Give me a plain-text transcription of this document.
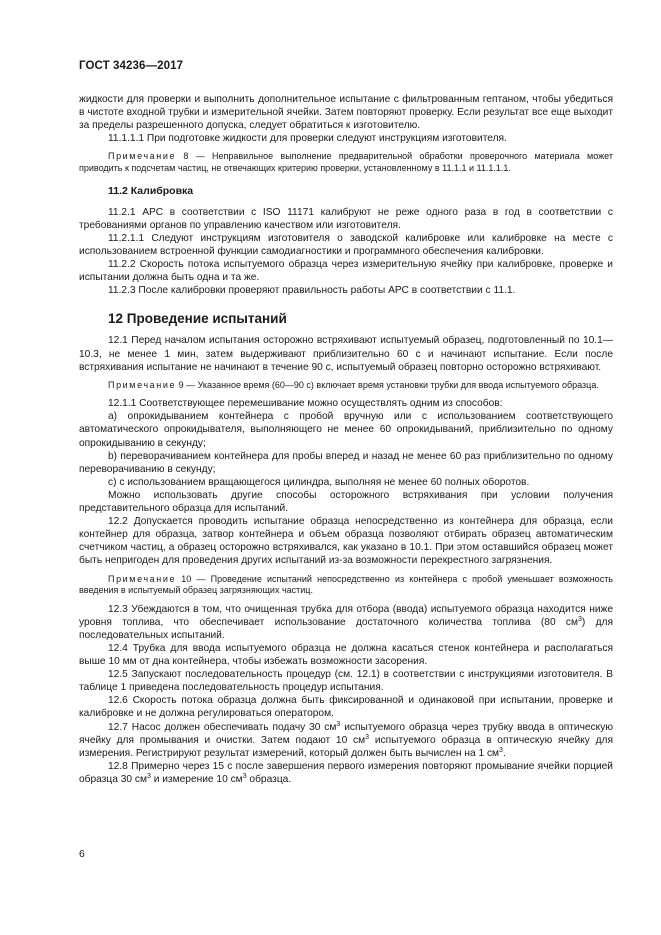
ГОСТ 34236—2017

жидкости для проверки и выполнить дополнительное испытание с фильтрованным гептаном, чтобы убедиться в чистоте входной трубки и измерительной ячейки. Затем повторяют проверку. Если результат все еще выходит за пределы разрешенного допуска, следует обратиться к изготовителю.

11.1.1.1 При подготовке жидкости для проверки следуют инструкциям изготовителя.

Примечание 8 — Неправильное выполнение предварительной обработки проверочного материала может приводить к подсчетам частиц, не отвечающих критерию проверки, установленному в 11.1.1 и 11.1.1.1.
11.2 Калибровка

11.2.1 АРС в соответствии с ISO 11171 калибруют не реже одного раза в год в соответствии с требованиями органов по управлению качеством или изготовителя.

11.2.1.1 Следуют инструкциям изготовителя о заводской калибровке или калибровке на месте с использованием встроенной функции самодиагностики и программного обеспечения калибровки.

11.2.2 Скорость потока испытуемого образца через измерительную ячейку при калибровке, проверке и испытании должна быть одна и та же.

11.2.3 После калибровки проверяют правильность работы АРС в соответствии с 11.1.

12 Проведение испытаний

12.1 Перед началом испытания осторожно встряхивают испытуемый образец, подготовленный по 10.1—10.3, не менее 1 мин, затем выдерживают приблизительно 60 с и начинают испытание. Если после встряхивания испытание не начинают в течение 90 с, испытуемый образец повторно осторожно встряхивают.

Примечание 9 — Указанное время (60—90 с) включает время установки трубки для ввода испытуемого образца.

12.1.1 Соответствующее перемешивание можно осуществлять одним из способов:

а) опрокидыванием контейнера с пробой вручную или с использованием соответствующего автоматического опрокидывателя, выполняющего не менее 60 опрокидываний, приблизительно по одному опрокидыванию в секунду;

b) переворачиванием контейнера для пробы вперед и назад не менее 60 раз приблизительно по одному переворачиванию в секунду;

с) с использованием вращающегося цилиндра, выполняя не менее 60 полных оборотов.

Можно использовать другие способы осторожного встряхивания при условии получения представительного образца для испытаний.

12.2 Допускается проводить испытание образца непосредственно из контейнера для образца, если контейнер для образца, затвор контейнера и объем образца позволяют отбирать образец автоматическим счетчиком частиц, а образец осторожно встряхивался, как указано в 10.1. При этом оставшийся образец может быть непригоден для проведения других испытаний из-за возможности перекрестного загрязнения.

Примечание 10 — Проведение испытаний непосредственно из контейнера с пробой уменьшает возможность введения в испытуемый образец загрязняющих частиц.

12.3 Убеждаются в том, что очищенная трубка для отбора (ввода) испытуемого образца находится ниже уровня топлива, что обеспечивает использование достаточного количества топлива (80 $см^3$) для последовательных испытаний.

12.4 Трубка для ввода испытуемого образца не должна касаться стенок контейнера и располагаться выше 10 мм от дна контейнера, чтобы избежать возможности засорения.

12.5 Запускают последовательность процедур (см. 12.1) в соответствии с инструкциями изготовителя. В таблице 1 приведена последовательность процедур испытания.

12.6 Скорость потока образца должна быть фиксированной и одинаковой при испытании, проверке и калибровке и не должна регулироваться оператором.

12.7 Насос должен обеспечивать подачу 30 $см^3$ испытуемого образца через трубку ввода в оптическую ячейку для промывания и очистки. Затем подают 10 $см^3$ испытуемого образца в оптическую ячейку для измерения. Регистрируют результат измерений, который должен быть вычислен на 1 $см^3$.

12.8 Примерно через 15 с после завершения первого измерения повторяют промывание ячейки порцией образца 30 $см^3$ и измерение 10 $см^3$ образца.

6
